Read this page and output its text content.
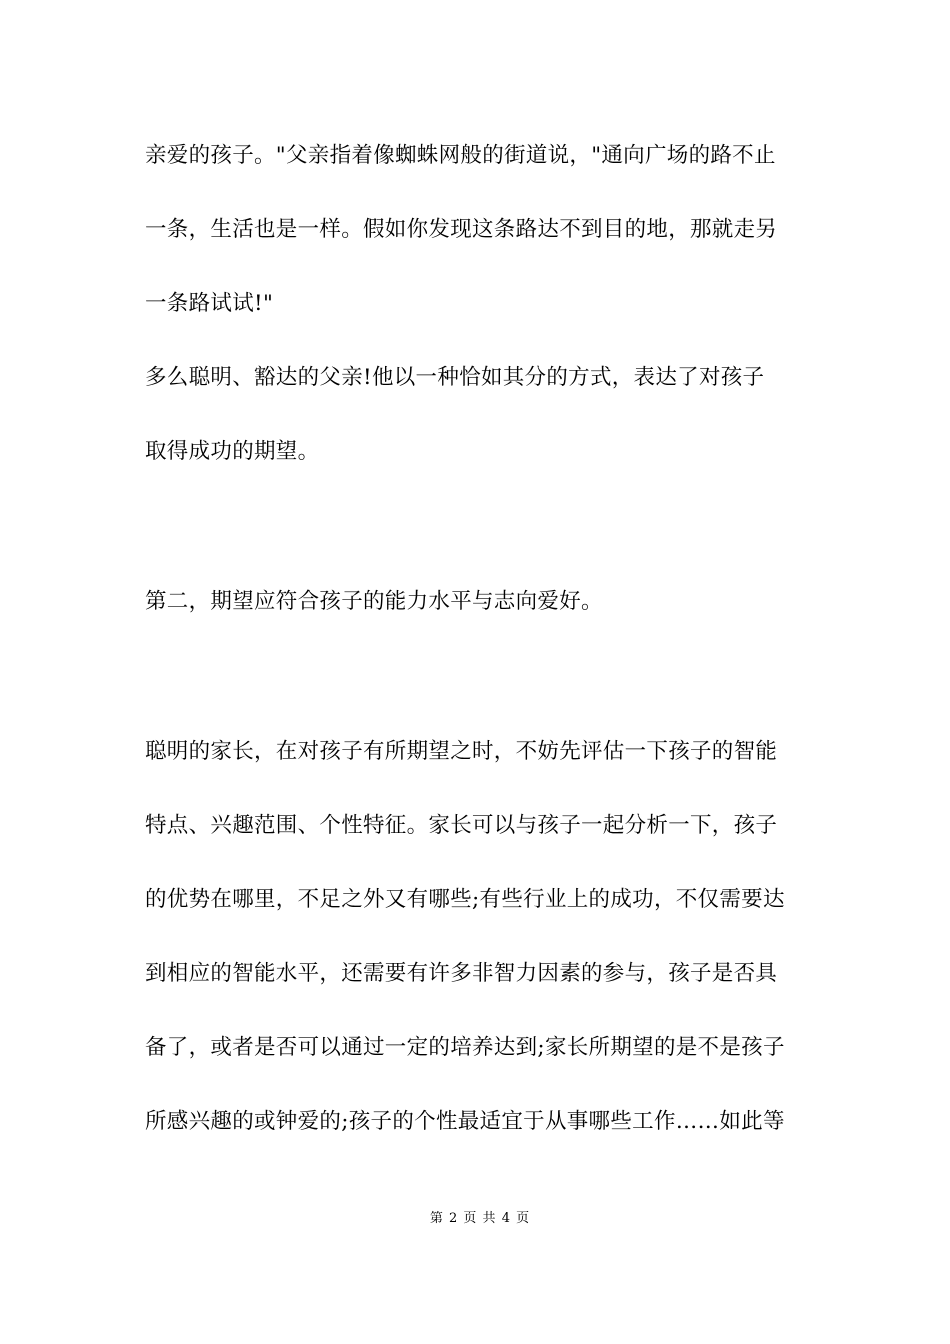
亲爱的孩子。"父亲指着像蜘蛛网般的街道说，"通向广场的路不止
一条，生活也是一样。假如你发现这条路达不到目的地，那就走另
一条路试试!"
多么聪明、豁达的父亲!他以一种恰如其分的方式，表达了对孩子
取得成功的期望。
第二，期望应符合孩子的能力水平与志向爱好。
聪明的家长，在对孩子有所期望之时，不妨先评估一下孩子的智能
特点、兴趣范围、个性特征。家长可以与孩子一起分析一下，孩子
的优势在哪里，不足之外又有哪些;有些行业上的成功，不仅需要达
到相应的智能水平，还需要有许多非智力因素的参与，孩子是否具
备了，或者是否可以通过一定的培养达到;家长所期望的是不是孩子
所感兴趣的或钟爱的;孩子的个性最适宜于从事哪些工作……如此等
第 2 页 共 4 页
